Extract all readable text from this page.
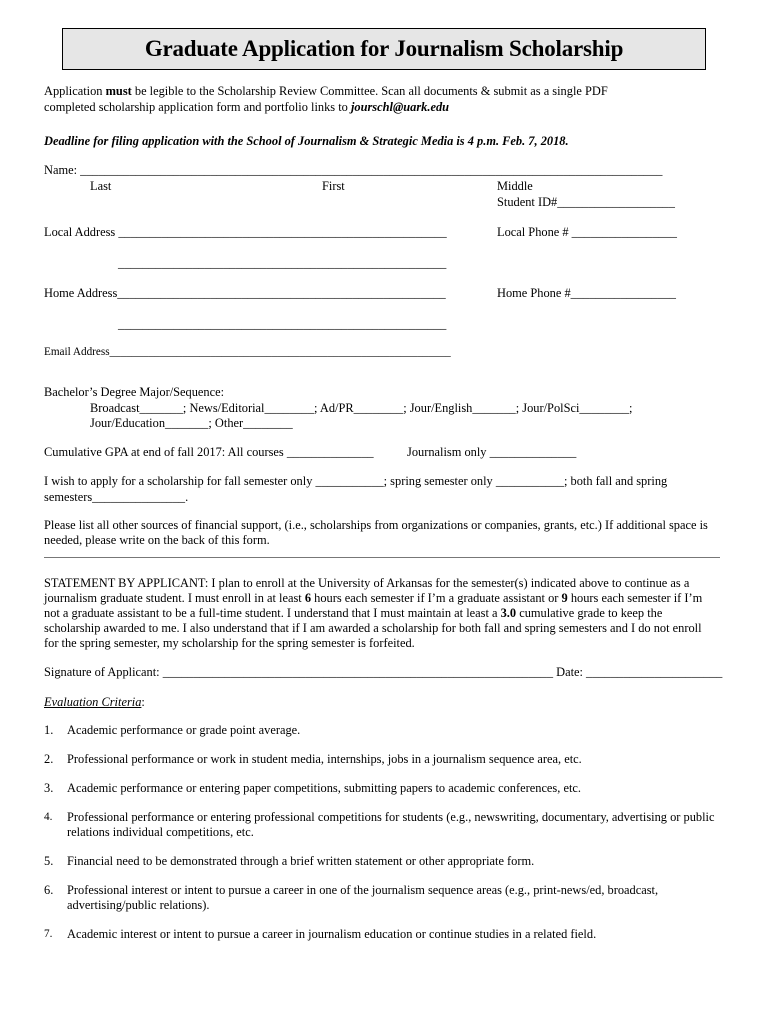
Graduate Application for Journalism Scholarship
Application must be legible to the Scholarship Review Committee. Scan all documents & submit as a single PDF
completed scholarship application form and portfolio links to jourschl@uark.edu
Deadline for filing application with the School of Journalism & Strategic Media is 4 p.m. Feb. 7, 2018.
Name: ______________________________________________________________________________________________
Last	First	Middle
Student ID#___________________
Local Address _____________________________________________________	Local Phone # _________________
_____________________________________________________
Home Address_____________________________________________________	Home Phone #_________________
_____________________________________________________
Email Address_____________________________________________________________
Bachelor’s Degree Major/Sequence:
Broadcast_______; News/Editorial________; Ad/PR________; Jour/English_______; Jour/PolSci________;
Jour/Education_______; Other________
Cumulative GPA at end of fall 2017: All courses ______________	Journalism only ______________
I wish to apply for a scholarship for fall semester only ___________; spring semester only ___________; both fall and spring
semesters_______________.
Please list all other sources of financial support, (i.e., scholarships from organizations or companies, grants, etc.) If additional space is
needed, please write on the back of this form.
STATEMENT BY APPLICANT: I plan to enroll at the University of Arkansas for the semester(s) indicated above to continue as a
journalism graduate student. I must enroll in at least 6 hours each semester if I’m a graduate assistant or 9 hours each semester if I’m
not a graduate assistant to be a full-time student. I understand that I must maintain at least a 3.0 cumulative grade to keep the
scholarship awarded to me. I also understand that if I am awarded a scholarship for both fall and spring semesters and I do not enroll
for the spring semester, my scholarship for the spring semester is forfeited.
Signature of Applicant: _______________________________________________________________ Date: ______________________
Evaluation Criteria:
1. Academic performance or grade point average.
2. Professional performance or work in student media, internships, jobs in a journalism sequence area, etc.
3. Academic performance or entering paper competitions, submitting papers to academic conferences, etc.
4. Professional performance or entering professional competitions for students (e.g., newswriting, documentary, advertising or public
relations individual competitions, etc.
5. Financial need to be demonstrated through a brief written statement or other appropriate form.
6. Professional interest or intent to pursue a career in one of the journalism sequence areas (e.g., print-news/ed, broadcast,
advertising/public relations).
7. Academic interest or intent to pursue a career in journalism education or continue studies in a related field.
